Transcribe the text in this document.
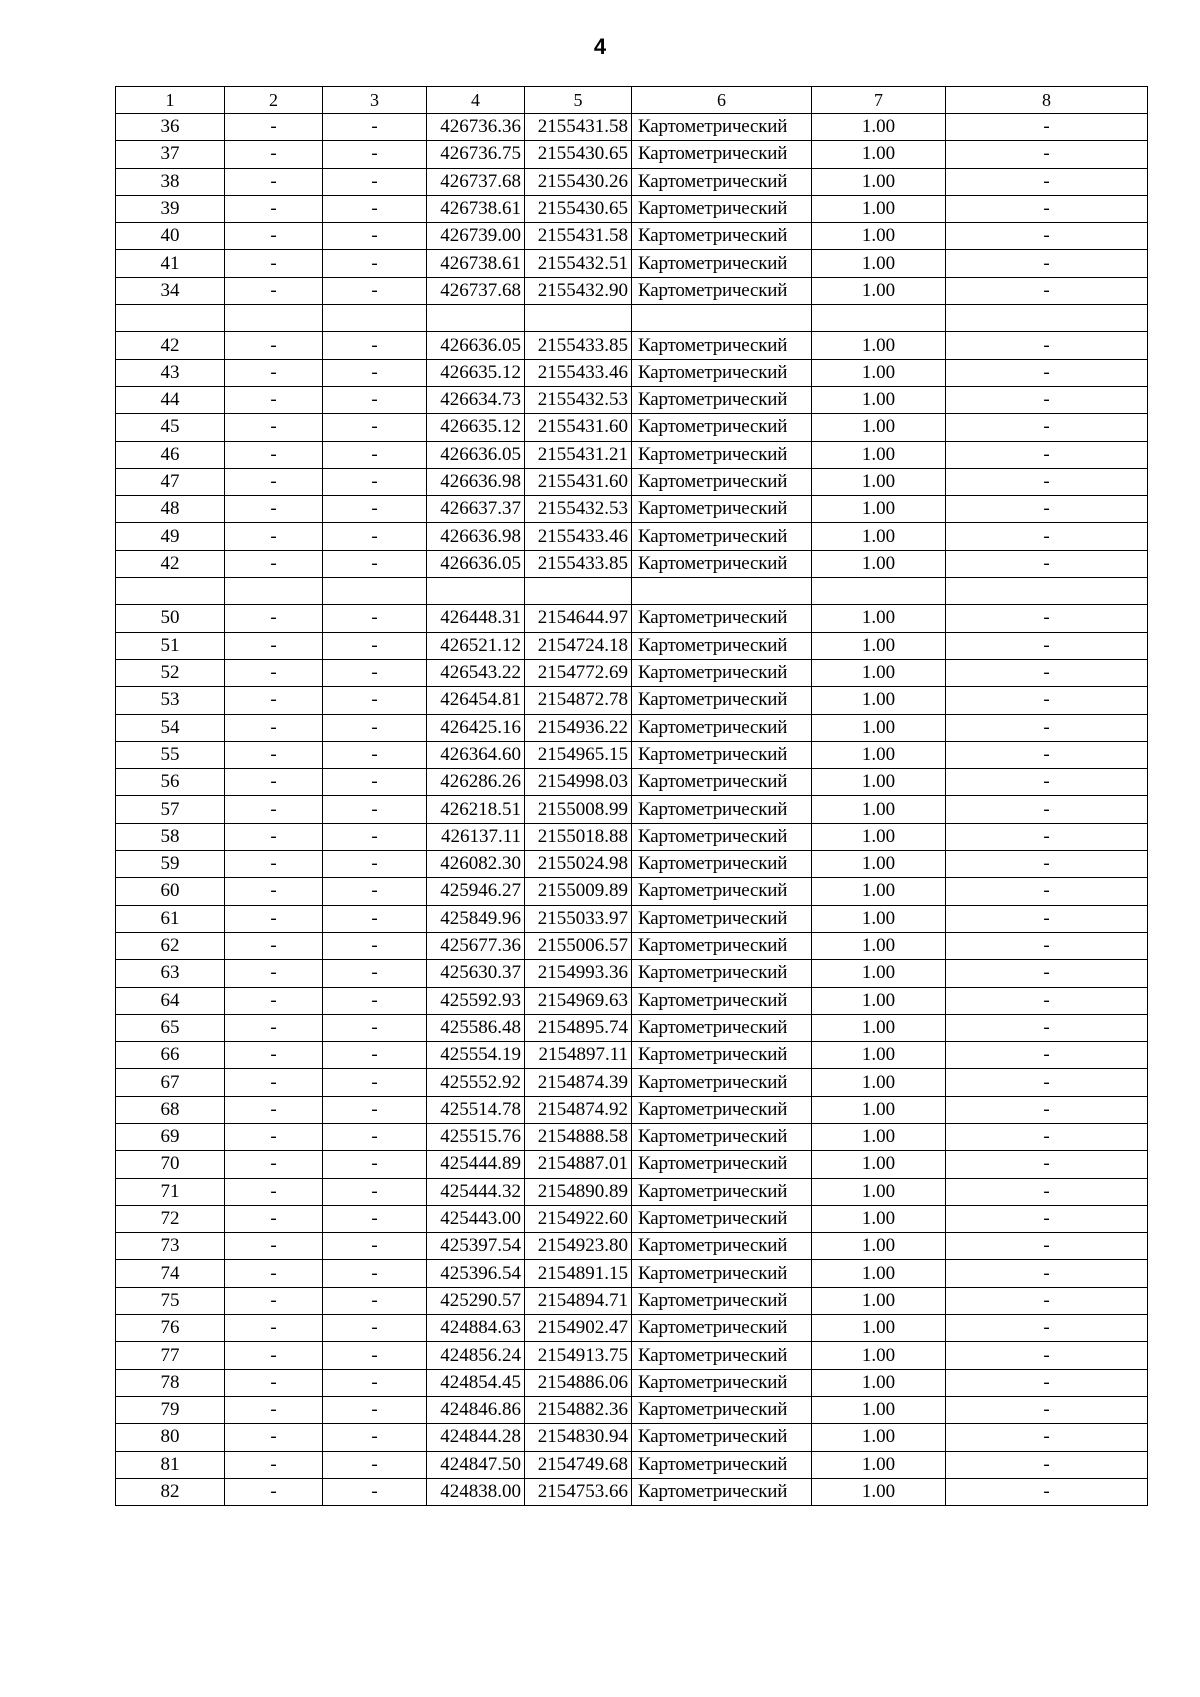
4
1	2	3	4	5	6	7	8
36	-	-	426736.36	2155431.58	Картометрический	1.00	-
37	-	-	426736.75	2155430.65	Картометрический	1.00	-
38	-	-	426737.68	2155430.26	Картометрический	1.00	-
39	-	-	426738.61	2155430.65	Картометрический	1.00	-
40	-	-	426739.00	2155431.58	Картометрический	1.00	-
41	-	-	426738.61	2155432.51	Картометрический	1.00	-
34	-	-	426737.68	2155432.90	Картометрический	1.00	-

42	-	-	426636.05	2155433.85	Картометрический	1.00	-
43	-	-	426635.12	2155433.46	Картометрический	1.00	-
44	-	-	426634.73	2155432.53	Картометрический	1.00	-
45	-	-	426635.12	2155431.60	Картометрический	1.00	-
46	-	-	426636.05	2155431.21	Картометрический	1.00	-
47	-	-	426636.98	2155431.60	Картометрический	1.00	-
48	-	-	426637.37	2155432.53	Картометрический	1.00	-
49	-	-	426636.98	2155433.46	Картометрический	1.00	-
42	-	-	426636.05	2155433.85	Картометрический	1.00	-

50	-	-	426448.31	2154644.97	Картометрический	1.00	-
51	-	-	426521.12	2154724.18	Картометрический	1.00	-
52	-	-	426543.22	2154772.69	Картометрический	1.00	-
53	-	-	426454.81	2154872.78	Картометрический	1.00	-
54	-	-	426425.16	2154936.22	Картометрический	1.00	-
55	-	-	426364.60	2154965.15	Картометрический	1.00	-
56	-	-	426286.26	2154998.03	Картометрический	1.00	-
57	-	-	426218.51	2155008.99	Картометрический	1.00	-
58	-	-	426137.11	2155018.88	Картометрический	1.00	-
59	-	-	426082.30	2155024.98	Картометрический	1.00	-
60	-	-	425946.27	2155009.89	Картометрический	1.00	-
61	-	-	425849.96	2155033.97	Картометрический	1.00	-
62	-	-	425677.36	2155006.57	Картометрический	1.00	-
63	-	-	425630.37	2154993.36	Картометрический	1.00	-
64	-	-	425592.93	2154969.63	Картометрический	1.00	-
65	-	-	425586.48	2154895.74	Картометрический	1.00	-
66	-	-	425554.19	2154897.11	Картометрический	1.00	-
67	-	-	425552.92	2154874.39	Картометрический	1.00	-
68	-	-	425514.78	2154874.92	Картометрический	1.00	-
69	-	-	425515.76	2154888.58	Картометрический	1.00	-
70	-	-	425444.89	2154887.01	Картометрический	1.00	-
71	-	-	425444.32	2154890.89	Картометрический	1.00	-
72	-	-	425443.00	2154922.60	Картометрический	1.00	-
73	-	-	425397.54	2154923.80	Картометрический	1.00	-
74	-	-	425396.54	2154891.15	Картометрический	1.00	-
75	-	-	425290.57	2154894.71	Картометрический	1.00	-
76	-	-	424884.63	2154902.47	Картометрический	1.00	-
77	-	-	424856.24	2154913.75	Картометрический	1.00	-
78	-	-	424854.45	2154886.06	Картометрический	1.00	-
79	-	-	424846.86	2154882.36	Картометрический	1.00	-
80	-	-	424844.28	2154830.94	Картометрический	1.00	-
81	-	-	424847.50	2154749.68	Картометрический	1.00	-
82	-	-	424838.00	2154753.66	Картометрический	1.00	-
